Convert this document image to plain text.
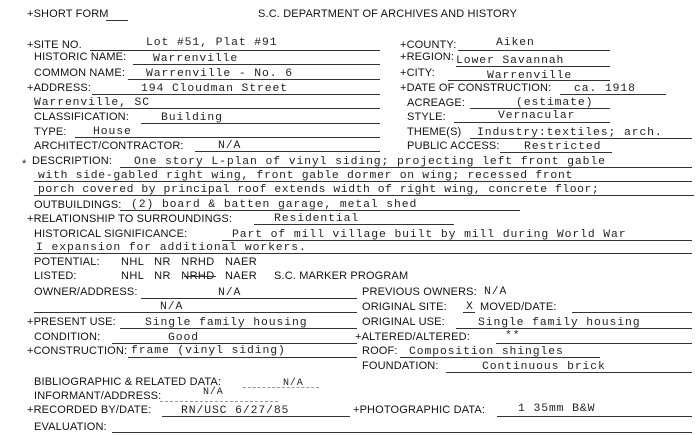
+SHORT FORM	S.C. DEPARTMENT OF ARCHIVES AND HISTORY
+SITE NO.	Lot #51, Plat #91	+COUNTY:	Aiken
HISTORIC NAME: Warrenville	+REGION: Lower Savannah
COMMON NAME: Warrenville - No. 6	+CITY:	Warrenville
+ADDRESS:	194 Cloudman Street	+DATE OF CONSTRUCTION: ca. 1918
Warrenville, SC	ACREAGE:	(estimate)
CLASSIFICATION:	Building	STYLE:	Vernacular
TYPE: House	THEME(S) Industry:textiles; arch.
ARCHITECT/CONTRACTOR:	N/A	PUBLIC ACCESS: Restricted
* DESCRIPTION: One story L-plan of vinyl siding; projecting left front gable
with side-gabled right wing, front gable dormer on wing; recessed front
porch covered by principal roof extends width of right wing, concrete floor;
OUTBUILDINGS: (2) board & batten garage, metal shed
+RELATIONSHIP TO SURROUNDINGS:	Residential
HISTORICAL SIGNIFICANCE:	Part of mill village built by mill during World War
I expansion for additional workers.
POTENTIAL: NHL   NR   NRHD   NAER
LISTED:	NHL   NR   NRHD   NAER S.C. MARKER PROGRAM
OWNER/ADDRESS:	N/A	PREVIOUS OWNERS: N/A
N/A	ORIGINAL SITE: X MOVED/DATE:
+PRESENT USE:	Single family housing	ORIGINAL USE:	Single family housing
CONDITION:	Good	+ALTERED/ALTERED:	**
+CONSTRUCTION: frame (vinyl siding)	ROOF: Composition shingles
FOUNDATION:	Continuous brick
BIBLIOGRAPHIC & RELATED DATA:	N/A
INFORMANT/ADDRESS:	N/A
+RECORDED BY/DATE:	RN/USC 6/27/85	+PHOTOGRAPHIC DATA:	1 35mm B&W
EVALUATION:
